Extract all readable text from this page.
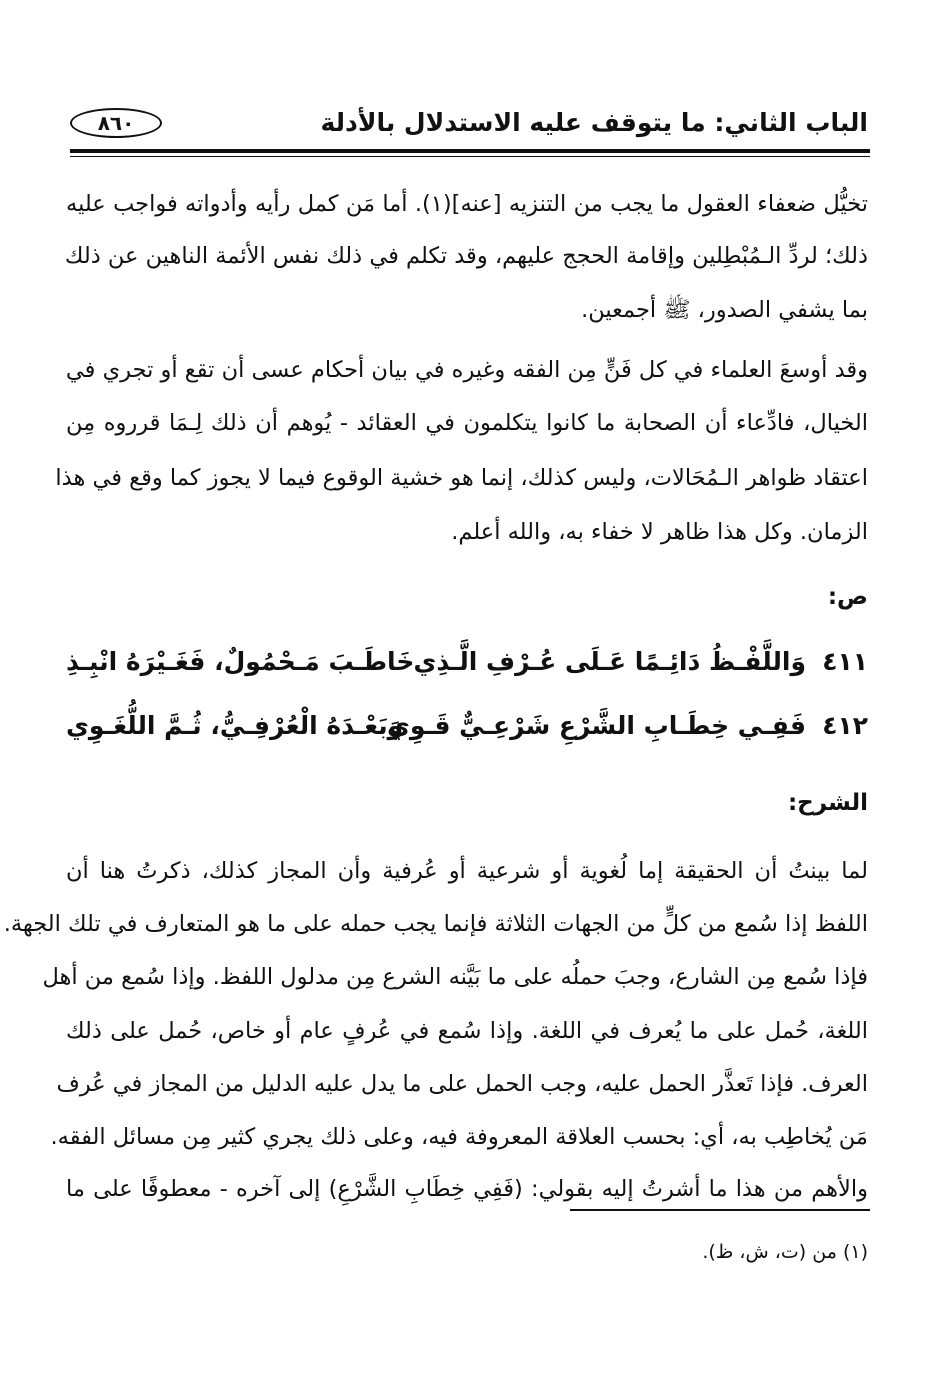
الباب الثاني: ما يتوقف عليه الاستدلال بالأدلة
٨٦٠
تخيُّل ضعفاء العقول ما يجب من التنزيه [عنه](١). أما مَن كمل رأيه وأدواته فواجب عليه
ذلك؛ لردِّ الـمُبْطِلين وإقامة الحجج عليهم، وقد تكلم في ذلك نفس الأئمة الناهين عن ذلك
بما يشفي الصدور، ﷺ أجمعين.
وقد أوسعَ العلماء في كل فَنٍّ مِن الفقه وغيره في بيان أحكام عسى أن تقع أو تجري في
الخيال، فادِّعاء أن الصحابة ما كانوا يتكلمون في العقائد - يُوهم أن ذلك لِـمَا قرروه مِن
اعتقاد ظواهر الـمُحَالات، وليس كذلك، إنما هو خشية الوقوع فيما لا يجوز كما وقع في هذا
الزمان. وكل هذا ظاهر لا خفاء به، والله أعلم.
ص:
٤١١
وَاللَّفْـظُ دَائِـمًا عَـلَى عُـرْفِ الَّـذِي
خَاطَـبَ مَـحْمُولٌ، فَغَـيْرَهُ انْبِـذِ
٤١٢
فَفِـي خِطَـابِ الشَّرْعِ شَرْعِـيٌّ قَـوِي
وَبَعْـدَهُ الْعُرْفِـيُّ، ثُـمَّ اللُّغَـوِي
الشرح:
لما بينتُ أن الحقيقة إما لُغوية أو شرعية أو عُرفية وأن المجاز كذلك، ذكرتُ هنا أن
اللفظ إذا سُمع من كلٍّ من الجهات الثلاثة فإنما يجب حمله على ما هو المتعارف في تلك الجهة.
فإذا سُمع مِن الشارع، وجبَ حملُه على ما بَيَّنه الشرع مِن مدلول اللفظ. وإذا سُمع من أهل
اللغة، حُمل على ما يُعرف في اللغة. وإذا سُمع في عُرفٍ عام أو خاص، حُمل على ذلك
العرف. فإذا تَعذَّر الحمل عليه، وجب الحمل على ما يدل عليه الدليل من المجاز في عُرف
مَن يُخاطِب به، أي: بحسب العلاقة المعروفة فيه، وعلى ذلك يجري كثير مِن مسائل الفقه.
والأهم من هذا ما أشرتُ إليه بقولي: (فَفِي خِطَابِ الشَّرْعِ) إلى آخره - معطوفًا على ما
(١) من (ت، ش، ظ).
